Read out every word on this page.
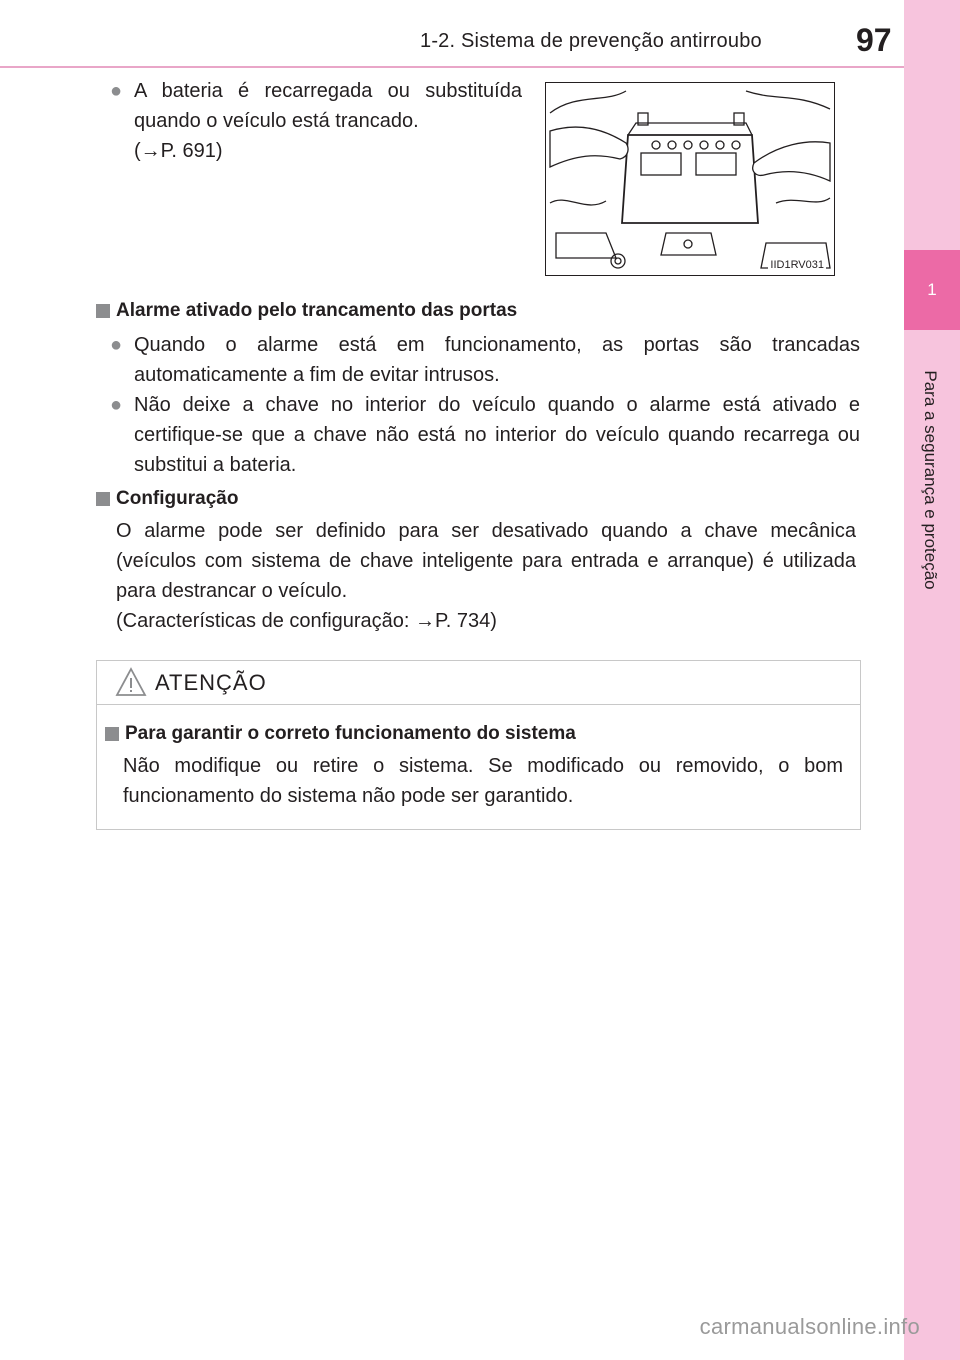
1-2. Sistema de prevenção antirroubo	97
1
Para a segurança e proteção
● A bateria é recarregada ou substituída quando o veículo está trancado.
(→P. 691)
IID1RV031
Alarme ativado pelo trancamento das portas
● Quando o alarme está em funcionamento, as portas são trancadas automaticamente a fim de evitar intrusos.
● Não deixe a chave no interior do veículo quando o alarme está ativado e certifique-se que a chave não está no interior do veículo quando recarrega ou substitui a bateria.
Configuração
O alarme pode ser definido para ser desativado quando a chave mecânica (veículos com sistema de chave inteligente para entrada e arranque) é utilizada para destrancar o veículo.
(Características de configuração: →P. 734)
ATENÇÃO
Para garantir o correto funcionamento do sistema
Não modifique ou retire o sistema. Se modificado ou removido, o bom funcionamento do sistema não pode ser garantido.
carmanualsonline.info
